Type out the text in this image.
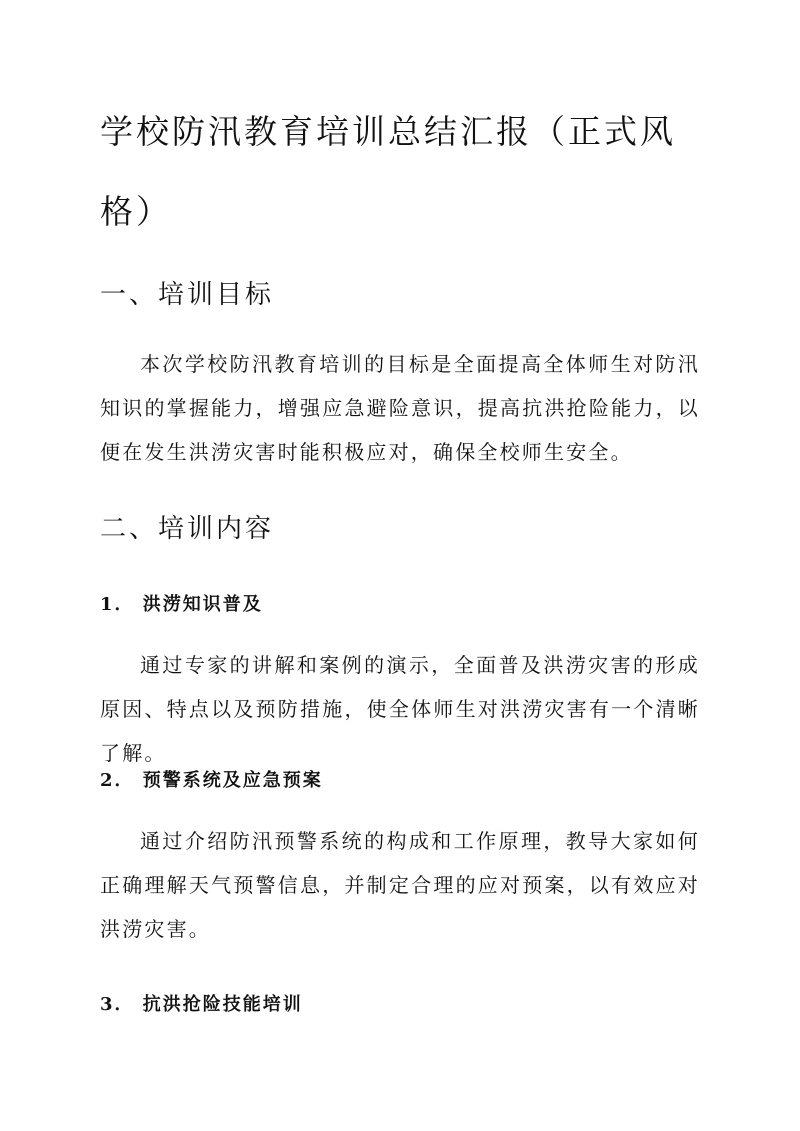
学校防汛教育培训总结汇报（正式风格）
一、培训目标

本次学校防汛教育培训的目标是全面提高全体师生对防汛知识的掌握能力，增强应急避险意识，提高抗洪抢险能力，以便在发生洪涝灾害时能积极应对，确保全校师生安全。

二、培训内容
1． 洪涝知识普及

通过专家的讲解和案例的演示，全面普及洪涝灾害的形成原因、特点以及预防措施，使全体师生对洪涝灾害有一个清晰了解。

2． 预警系统及应急预案

通过介绍防汛预警系统的构成和工作原理，教导大家如何正确理解天气预警信息，并制定合理的应对预案，以有效应对洪涝灾害。

3． 抗洪抢险技能培训
